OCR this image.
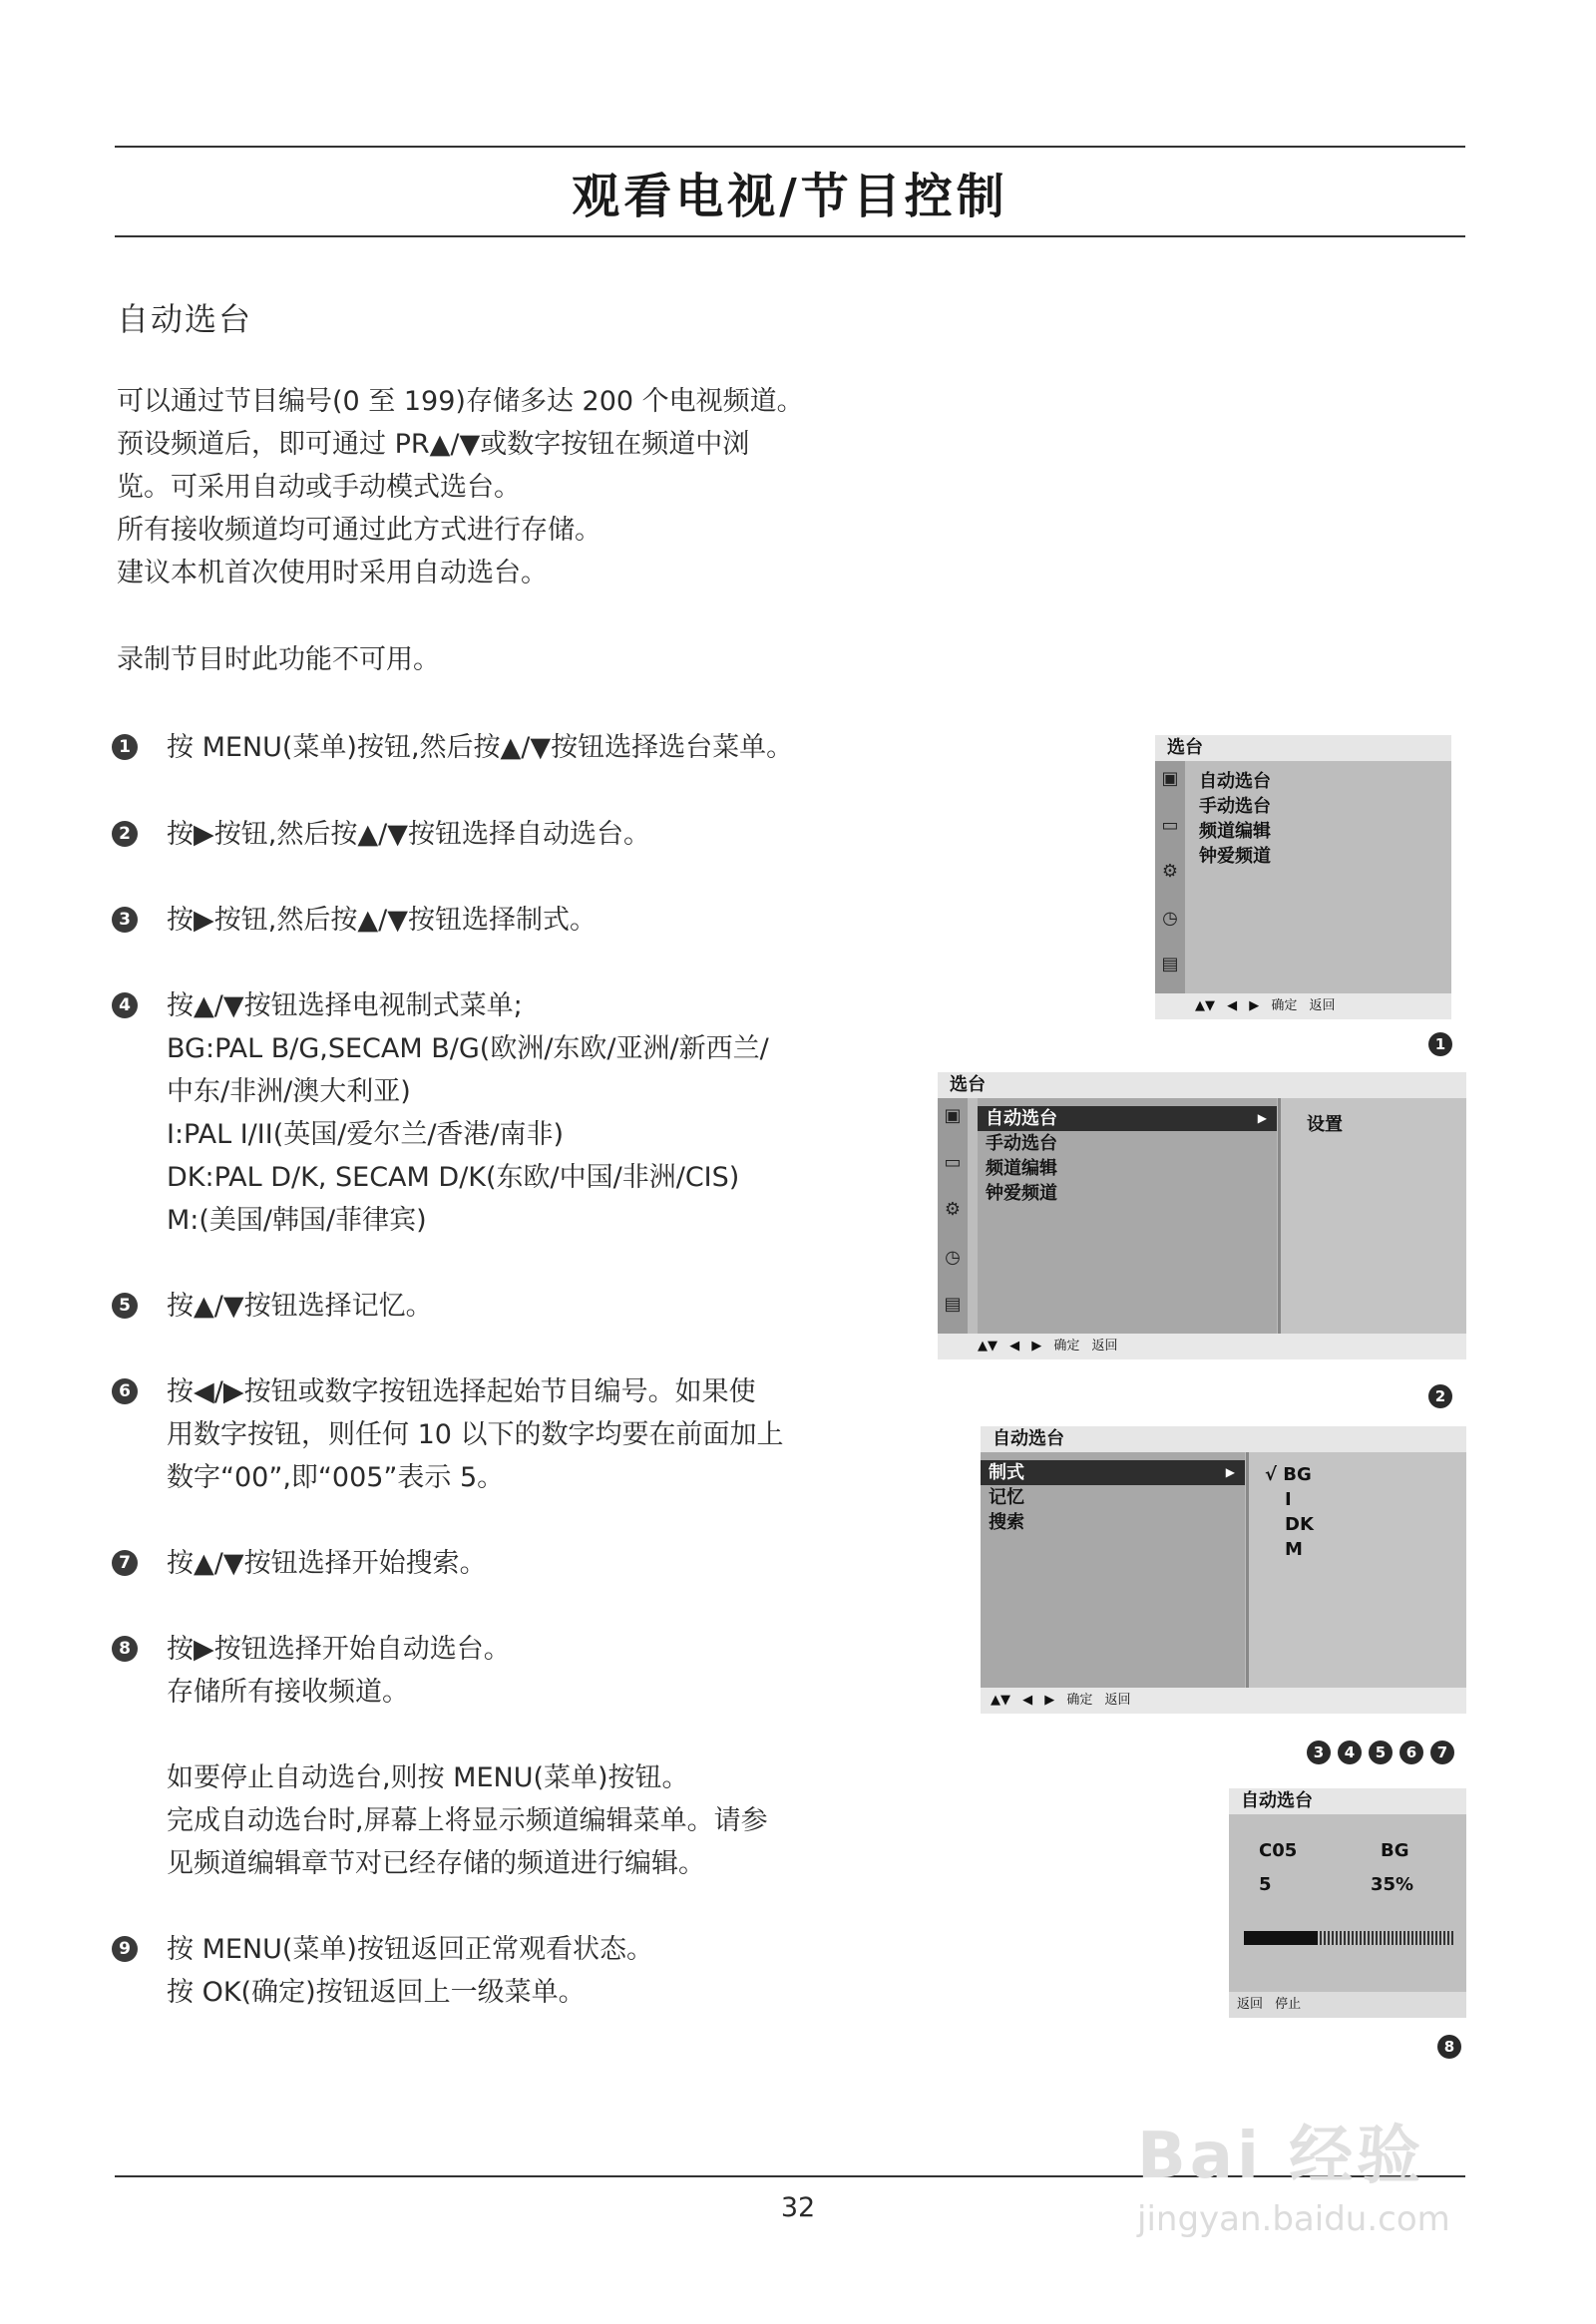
观看电视/节目控制
自动选台
可以通过节目编号(0 至 199)存储多达 200 个电视频道。
预设频道后，即可通过 PR▲/▼或数字按钮在频道中浏
览。可采用自动或手动模式选台。
所有接收频道均可通过此方式进行存储。
建议本机首次使用时采用自动选台。
录制节目时此功能不可用。
1 按 MENU(菜单)按钮,然后按▲/▼按钮选择选台菜单。
2 按▶按钮,然后按▲/▼按钮选择自动选台。
3 按▶按钮,然后按▲/▼按钮选择制式。
4 按▲/▼按钮选择电视制式菜单;
BG:PAL B/G,SECAM B/G(欧洲/东欧/亚洲/新西兰/
中东/非洲/澳大利亚)
I:PAL I/II(英国/爱尔兰/香港/南非)
DK:PAL D/K, SECAM D/K(东欧/中国/非洲/CIS)
M:(美国/韩国/菲律宾)
5 按▲/▼按钮选择记忆。
6 按◀/▶按钮或数字按钮选择起始节目编号。如果使
用数字按钮，则任何 10 以下的数字均要在前面加上
数字“00”,即“005”表示 5。
7 按▲/▼按钮选择开始搜索。
8 按▶按钮选择开始自动选台。
存储所有接收频道。
如要停止自动选台,则按 MENU(菜单)按钮。
完成自动选台时,屏幕上将显示频道编辑菜单。请参
见频道编辑章节对已经存储的频道进行编辑。
9 按 MENU(菜单)按钮返回正常观看状态。
按 OK(确定)按钮返回上一级菜单。
选台
▣
▭
⚙
◷
▤
自动选台
手动选台
频道编辑
钟爱频道
▲▼ ◀ ▶ 确定 返回
1
选台
▣
▭
⚙
◷
▤
自动选台	▶
手动选台
频道编辑
钟爱频道
设置
▲▼ ◀ ▶ 确定 返回
2
自动选台
制式	▶
记忆
搜索
√ BG
I
DK
M
▲▼ ◀ ▶ 确定 返回
3	4	5	6	7
自动选台
C05	BG
5	35%
返回 停止
8
32
Bai 经验
jingyan.baidu.com
